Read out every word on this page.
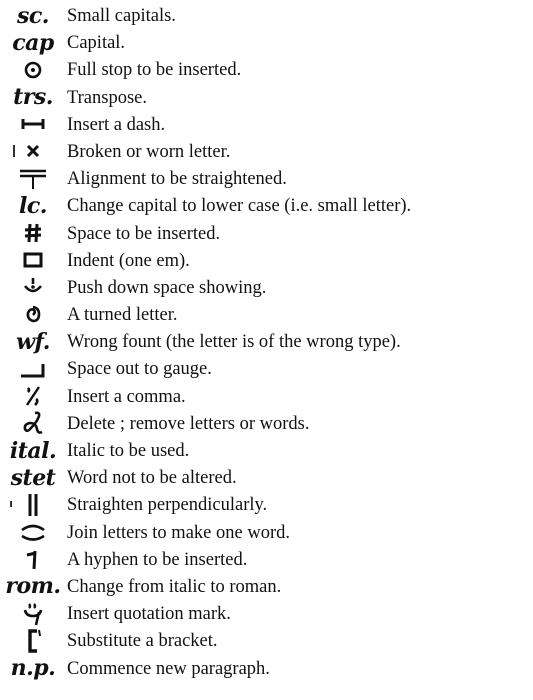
sc. Small capitals.
cap Capital.
Full stop to be inserted.
trs. Transpose.
Insert a dash.
Broken or worn letter.
Alignment to be straightened.
lc. Change capital to lower case (i.e. small letter).
Space to be inserted.
Indent (one em).
Push down space showing.
A turned letter.
wf. Wrong fount (the letter is of the wrong type).
Space out to gauge.
Insert a comma.
Delete ; remove letters or words.
ital. Italic to be used.
stet Word not to be altered.
Straighten perpendicularly.
Join letters to make one word.
A hyphen to be inserted.
rom. Change from italic to roman.
Insert quotation mark.
Substitute a bracket.
n.p. Commence new paragraph.
